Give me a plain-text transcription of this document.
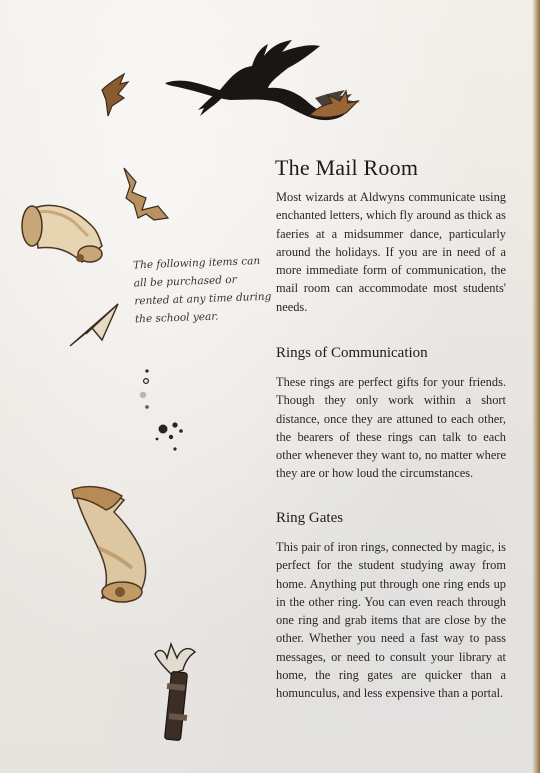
The Mail Room

Most wizards at Aldwyns communicate using enchanted letters, which fly around as thick as faeries at a midsummer dance, particularly around the holidays. If you are in need of a more immediate form of communication, the mail room can accommodate most students' needs.

The following items can all be purchased or rented at any time during the school year.

Rings of Communication

These rings are perfect gifts for your friends. Though they only work within a short distance, once they are attuned to each other, the bearers of these rings can talk to each other whenever they want to, no matter where they are or how loud the circumstances.

Ring Gates

This pair of iron rings, connected by magic, is perfect for the student studying away from home. Anything put through one ring ends up in the other ring. You can even reach through one ring and grab items that are close by the other. Whether you need a fast way to pass messages, or need to consult your library at home, the ring gates are quicker than a homunculus, and less expensive than a portal.
